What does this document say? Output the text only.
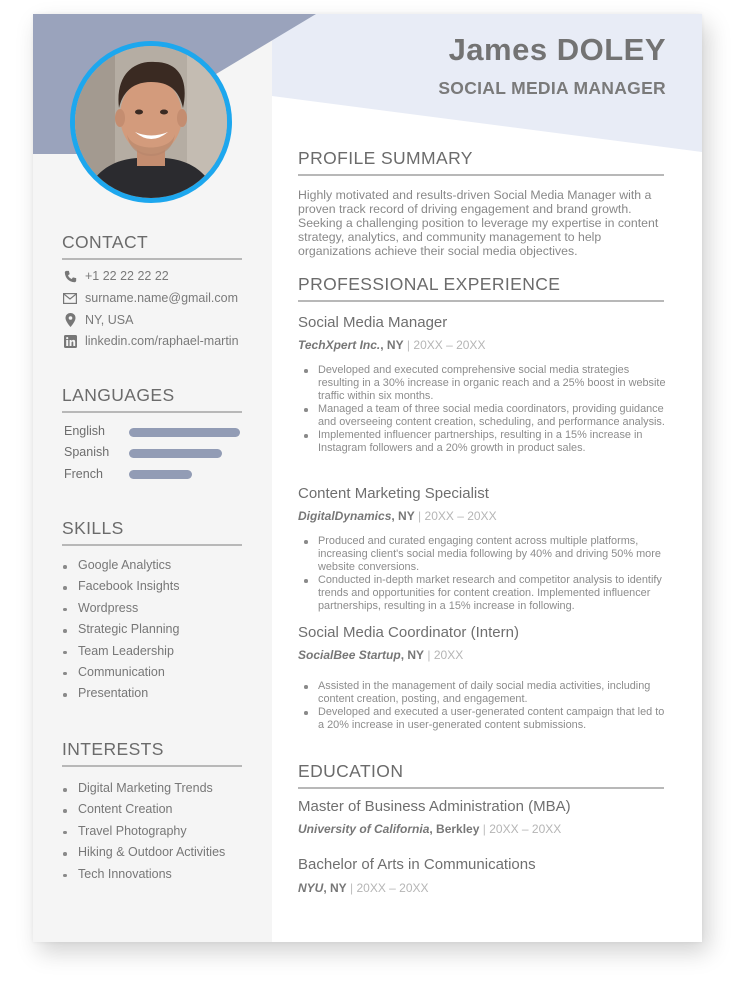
James DOLEY
SOCIAL MEDIA MANAGER
CONTACT
+1 22 22 22 22
surname.name@gmail.com
NY, USA
linkedin.com/raphael-martin
LANGUAGES
English
Spanish
French
SKILLS
Google Analytics
Facebook Insights
Wordpress
Strategic Planning
Team Leadership
Communication
Presentation
INTERESTS
Digital Marketing Trends
Content Creation
Travel Photography
Hiking & Outdoor Activities
Tech Innovations
PROFILE SUMMARY
Highly motivated and results-driven Social Media Manager with a proven track record of driving engagement and brand growth. Seeking a challenging position to leverage my expertise in content strategy, analytics, and community management to help organizations achieve their social media objectives.
PROFESSIONAL EXPERIENCE
Social Media Manager
TechXpert Inc., NY | 20XX – 20XX
Developed and executed comprehensive social media strategies resulting in a 30% increase in organic reach and a 25% boost in website traffic within six months.
Managed a team of three social media coordinators, providing guidance and overseeing content creation, scheduling, and performance analysis.
Implemented influencer partnerships, resulting in a 15% increase in Instagram followers and a 20% growth in product sales.
Content Marketing Specialist
DigitalDynamics, NY | 20XX – 20XX
Produced and curated engaging content across multiple platforms, increasing client's social media following by 40% and driving 50% more website conversions.
Conducted in-depth market research and competitor analysis to identify trends and opportunities for content creation. Implemented influencer partnerships, resulting in a 15% increase in following.
Social Media Coordinator (Intern)
SocialBee Startup, NY | 20XX
Assisted in the management of daily social media activities, including content creation, posting, and engagement.
Developed and executed a user-generated content campaign that led to a 20% increase in user-generated content submissions.
EDUCATION
Master of Business Administration (MBA)
University of California, Berkley | 20XX – 20XX
Bachelor of Arts in Communications
NYU, NY | 20XX – 20XX
